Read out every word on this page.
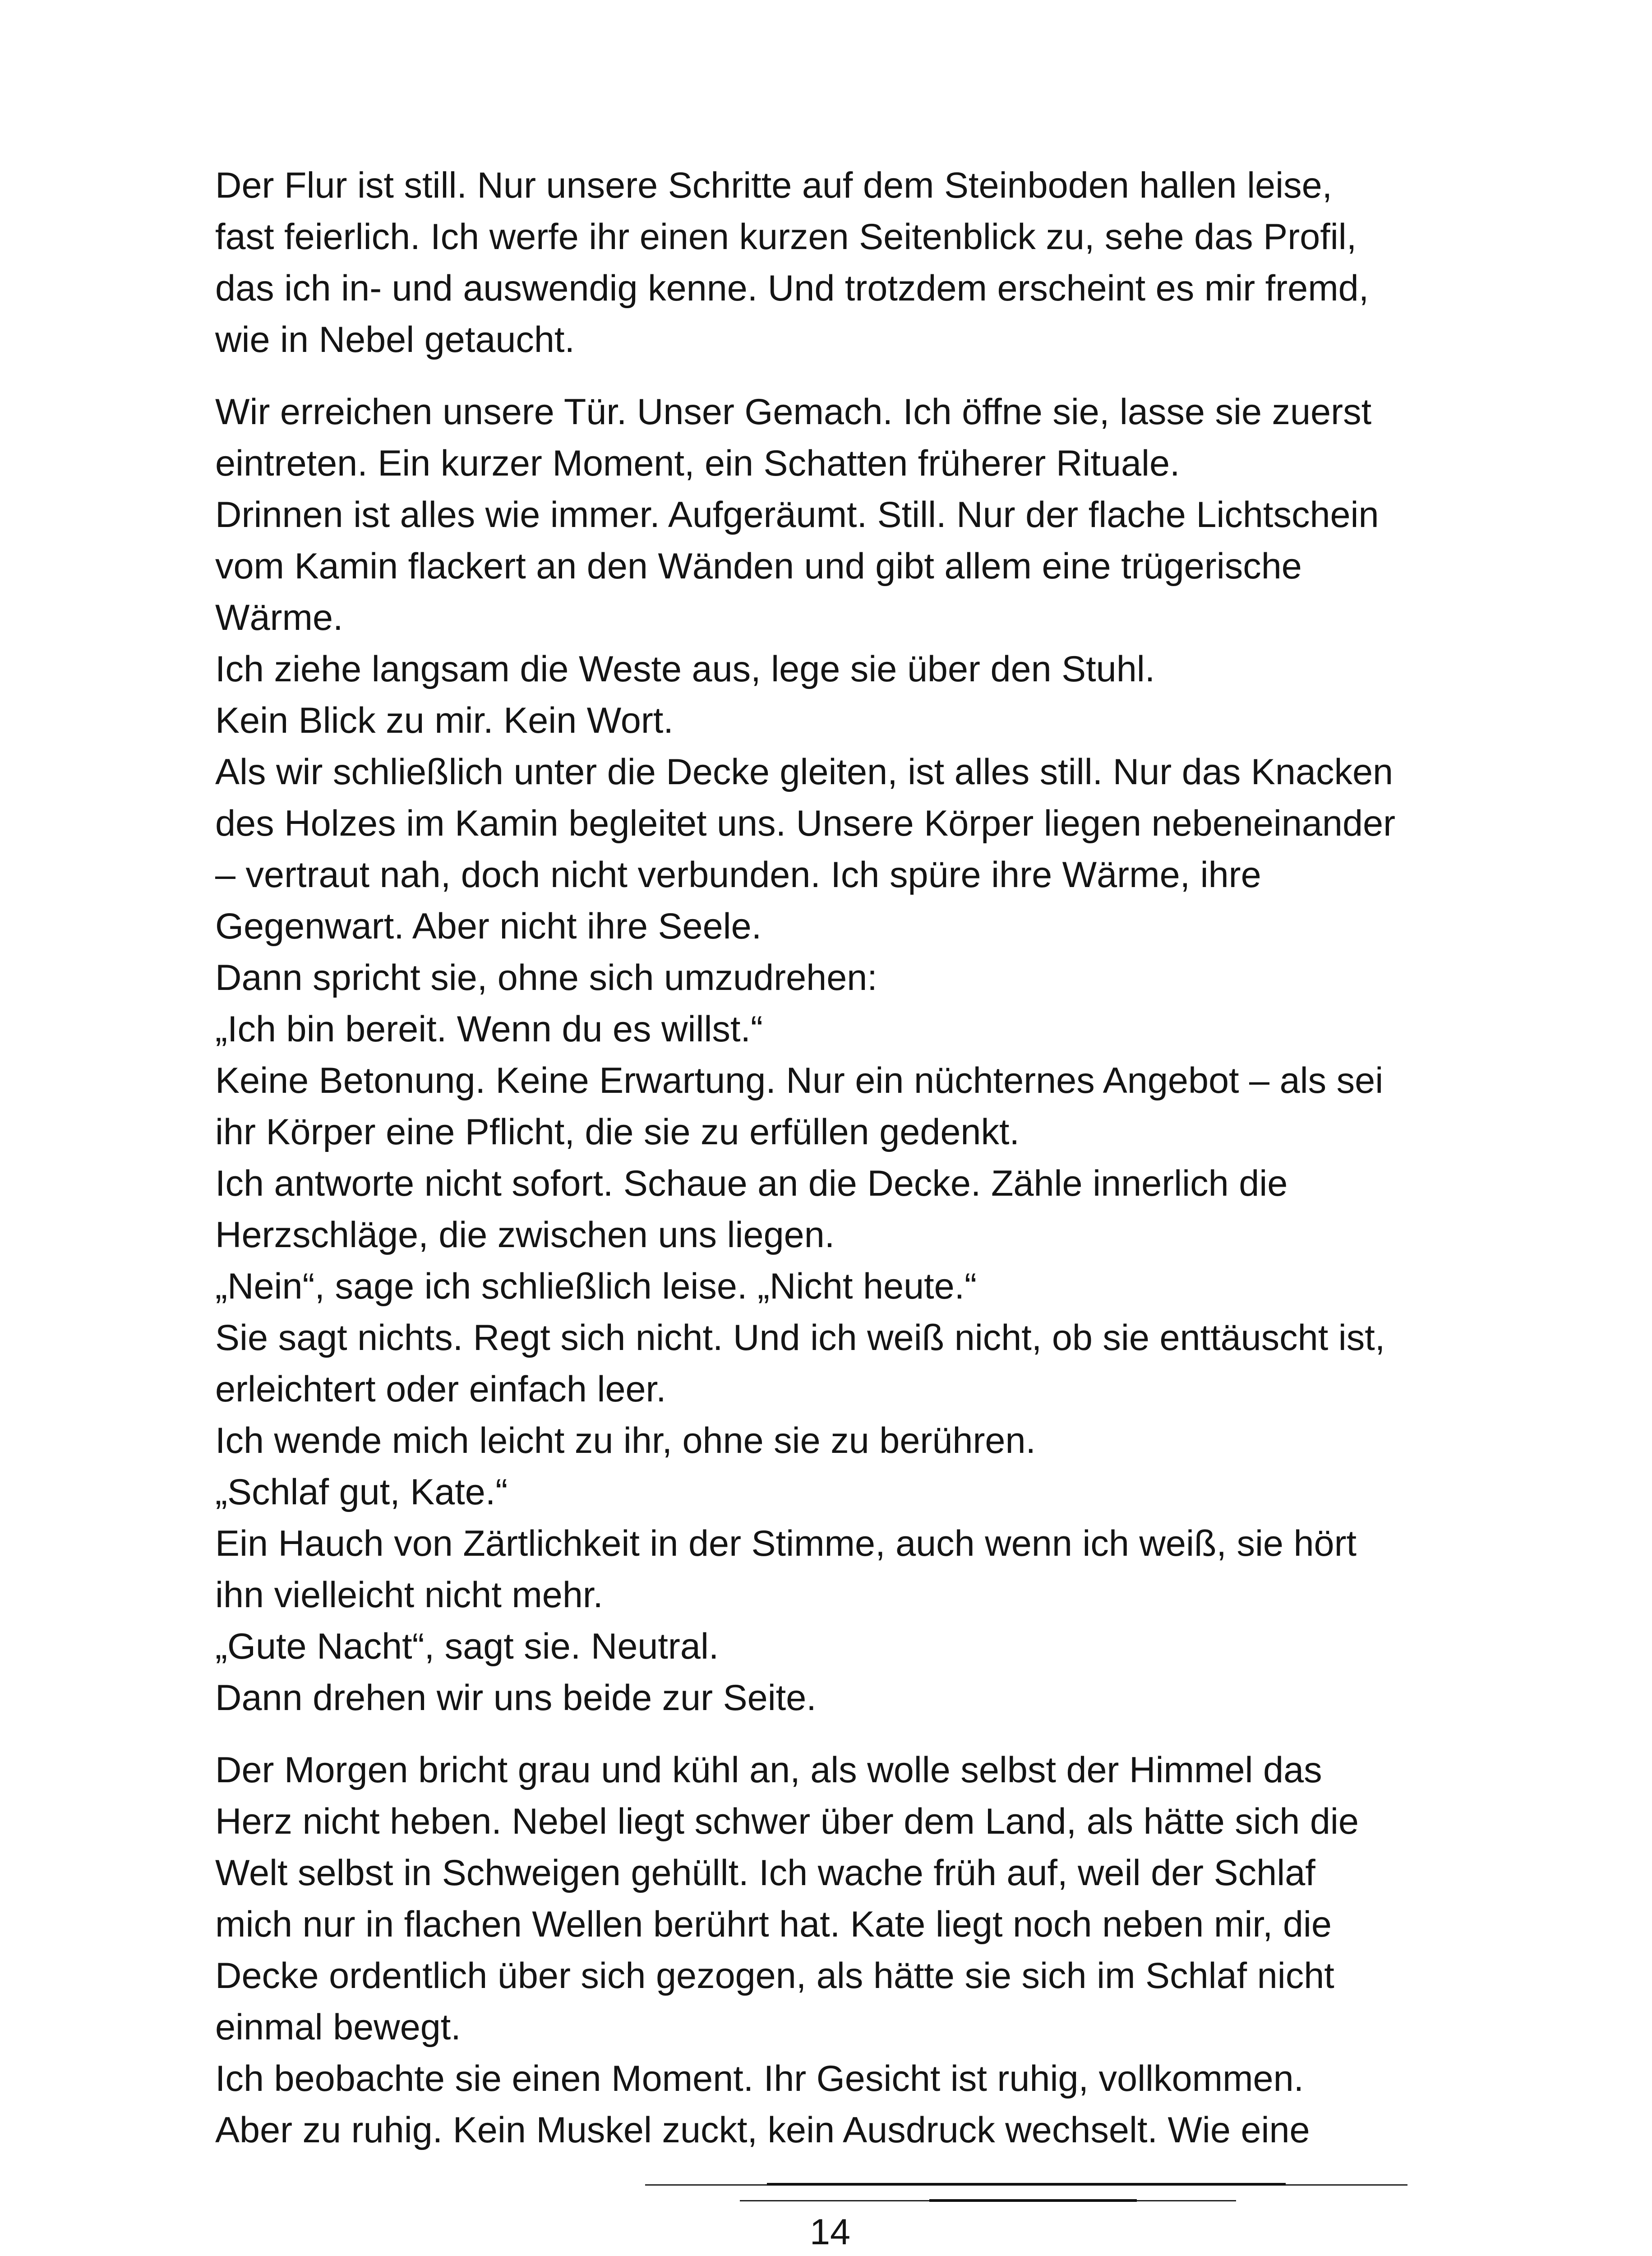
Der Flur ist still. Nur unsere Schritte auf dem Steinboden hallen leise,
fast feierlich. Ich werfe ihr einen kurzen Seitenblick zu, sehe das Profil,
das ich in- und auswendig kenne. Und trotzdem erscheint es mir fremd,
wie in Nebel getaucht.

Wir erreichen unsere Tür. Unser Gemach. Ich öffne sie, lasse sie zuerst
eintreten. Ein kurzer Moment, ein Schatten früherer Rituale.
Drinnen ist alles wie immer. Aufgeräumt. Still. Nur der flache Lichtschein
vom Kamin flackert an den Wänden und gibt allem eine trügerische
Wärme.
Ich ziehe langsam die Weste aus, lege sie über den Stuhl.
Kein Blick zu mir. Kein Wort.
Als wir schließlich unter die Decke gleiten, ist alles still. Nur das Knacken
des Holzes im Kamin begleitet uns. Unsere Körper liegen nebeneinander
– vertraut nah, doch nicht verbunden. Ich spüre ihre Wärme, ihre
Gegenwart. Aber nicht ihre Seele.
Dann spricht sie, ohne sich umzudrehen:
„Ich bin bereit. Wenn du es willst.“
Keine Betonung. Keine Erwartung. Nur ein nüchternes Angebot – als sei
ihr Körper eine Pflicht, die sie zu erfüllen gedenkt.
Ich antworte nicht sofort. Schaue an die Decke. Zähle innerlich die
Herzschläge, die zwischen uns liegen.
„Nein“, sage ich schließlich leise. „Nicht heute.“
Sie sagt nichts. Regt sich nicht. Und ich weiß nicht, ob sie enttäuscht ist,
erleichtert oder einfach leer.
Ich wende mich leicht zu ihr, ohne sie zu berühren.
„Schlaf gut, Kate.“
Ein Hauch von Zärtlichkeit in der Stimme, auch wenn ich weiß, sie hört
ihn vielleicht nicht mehr.
„Gute Nacht“, sagt sie. Neutral.
Dann drehen wir uns beide zur Seite.

Der Morgen bricht grau und kühl an, als wolle selbst der Himmel das
Herz nicht heben. Nebel liegt schwer über dem Land, als hätte sich die
Welt selbst in Schweigen gehüllt. Ich wache früh auf, weil der Schlaf
mich nur in flachen Wellen berührt hat. Kate liegt noch neben mir, die
Decke ordentlich über sich gezogen, als hätte sie sich im Schlaf nicht
einmal bewegt.
Ich beobachte sie einen Moment. Ihr Gesicht ist ruhig, vollkommen.
Aber zu ruhig. Kein Muskel zuckt, kein Ausdruck wechselt. Wie eine

14
